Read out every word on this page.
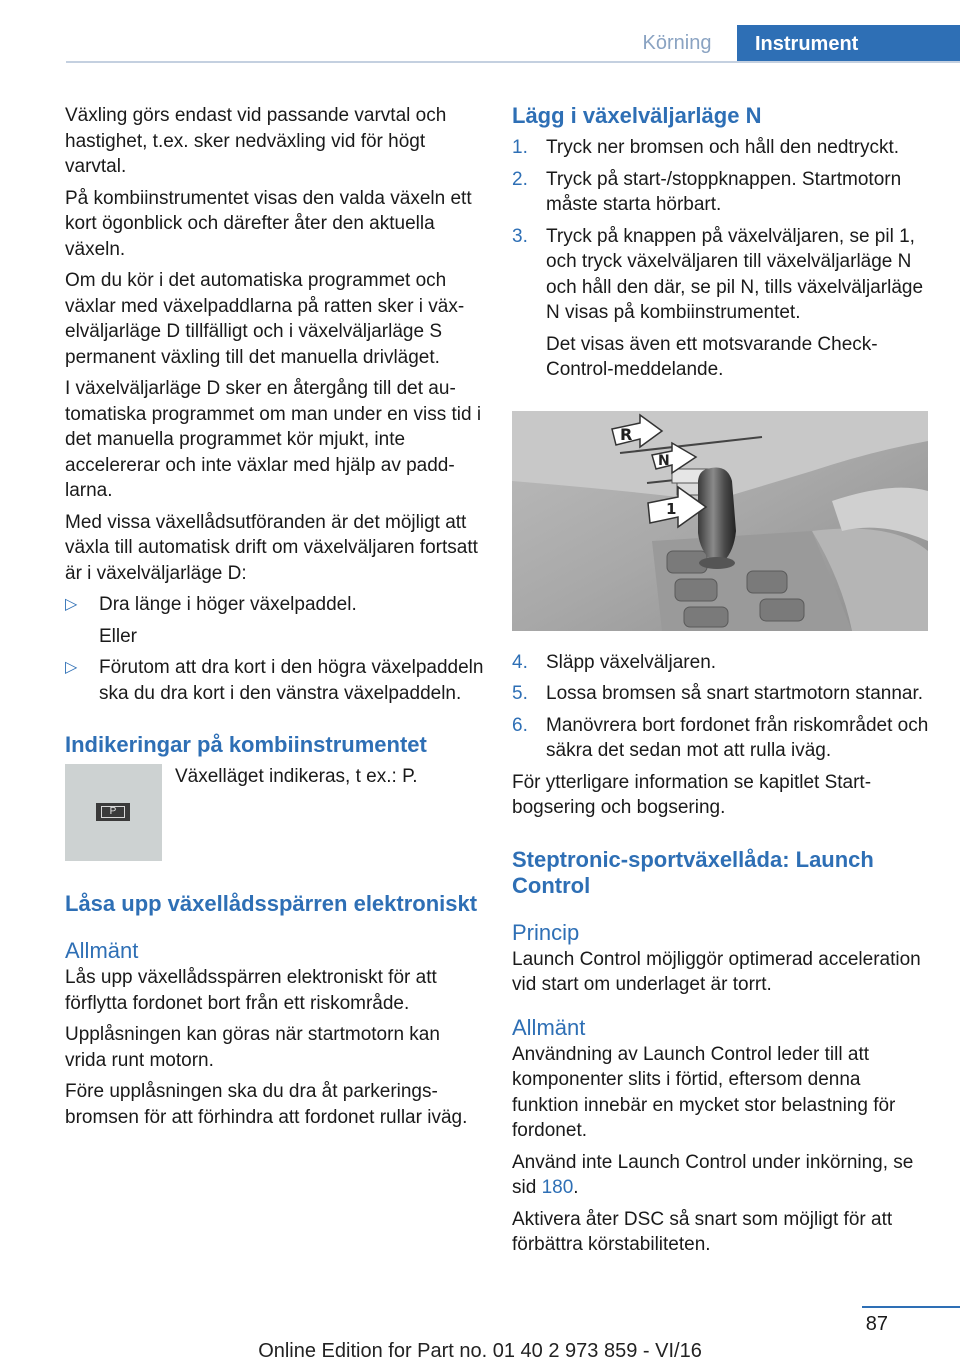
Körning	Instrument

Växling görs endast vid passande varvtal och hastighet, t.ex. sker nedväxling vid för högt varvtal.

På kombiinstrumentet visas den valda växeln ett kort ögonblick och därefter åter den aktuella växeln.

Om du kör i det automatiska programmet och växlar med växelpaddlarna på ratten sker i växelväljarläge D tillfälligt och i växelväljarläge S permanent växling till det manuella drivläget.

I växelväljarläge D sker en återgång till det automatiska programmet om man under en viss tid i det manuella programmet kör mjukt, inte accelererar och inte växlar med hjälp av paddlarna.

Med vissa växellådsutföranden är det möjligt att växla till automatisk drift om växelväljaren fortsatt är i växelväljarläge D:

▷ Dra länge i höger växelpaddel.
Eller
▷ Förutom att dra kort i den högra växelpaddeln ska du dra kort i den vänstra växelpaddeln.
Indikeringar på kombiinstrumentet
P
Växelläget indikeras, t ex.: P.
Låsa upp växellådsspärren elektroniskt
Allmänt

Lås upp växellådsspärren elektroniskt för att förflytta fordonet bort från ett riskområde.

Upplåsningen kan göras när startmotorn kan vrida runt motorn.

Före upplåsningen ska du dra åt parkeringsbromsen för att förhindra att fordonet rullar iväg.

Lägg i växelväljarläge N
1. Tryck ner bromsen och håll den nedtryckt.
2. Tryck på start-/stoppknappen. Startmotorn måste starta hörbart.
3. Tryck på knappen på växelväljaren, se pil 1, och tryck växelväljaren till växelväljarläge N och håll den där, se pil N, tills växelväljarläge N visas på kombiinstrumentet.
Det visas även ett motsvarande Check-Control-meddelande.
R
N
1
4. Släpp växelväljaren.
5. Lossa bromsen så snart startmotorn stannar.
6. Manövrera bort fordonet från riskområdet och säkra det sedan mot att rulla iväg.

För ytterligare information se kapitlet Startbogsering och bogsering.

Steptronic-sportväxellåda: Launch Control
Princip

Launch Control möjliggör optimerad acceleration vid start om underlaget är torrt.

Allmänt

Användning av Launch Control leder till att komponenter slits i förtid, eftersom denna funktion innebär en mycket stor belastning för fordonet.

Använd inte Launch Control under inkörning, se sid 180.

Aktivera åter DSC så snart som möjligt för att förbättra körstabiliteten.

87
Online Edition for Part no. 01 40 2 973 859 - VI/16
